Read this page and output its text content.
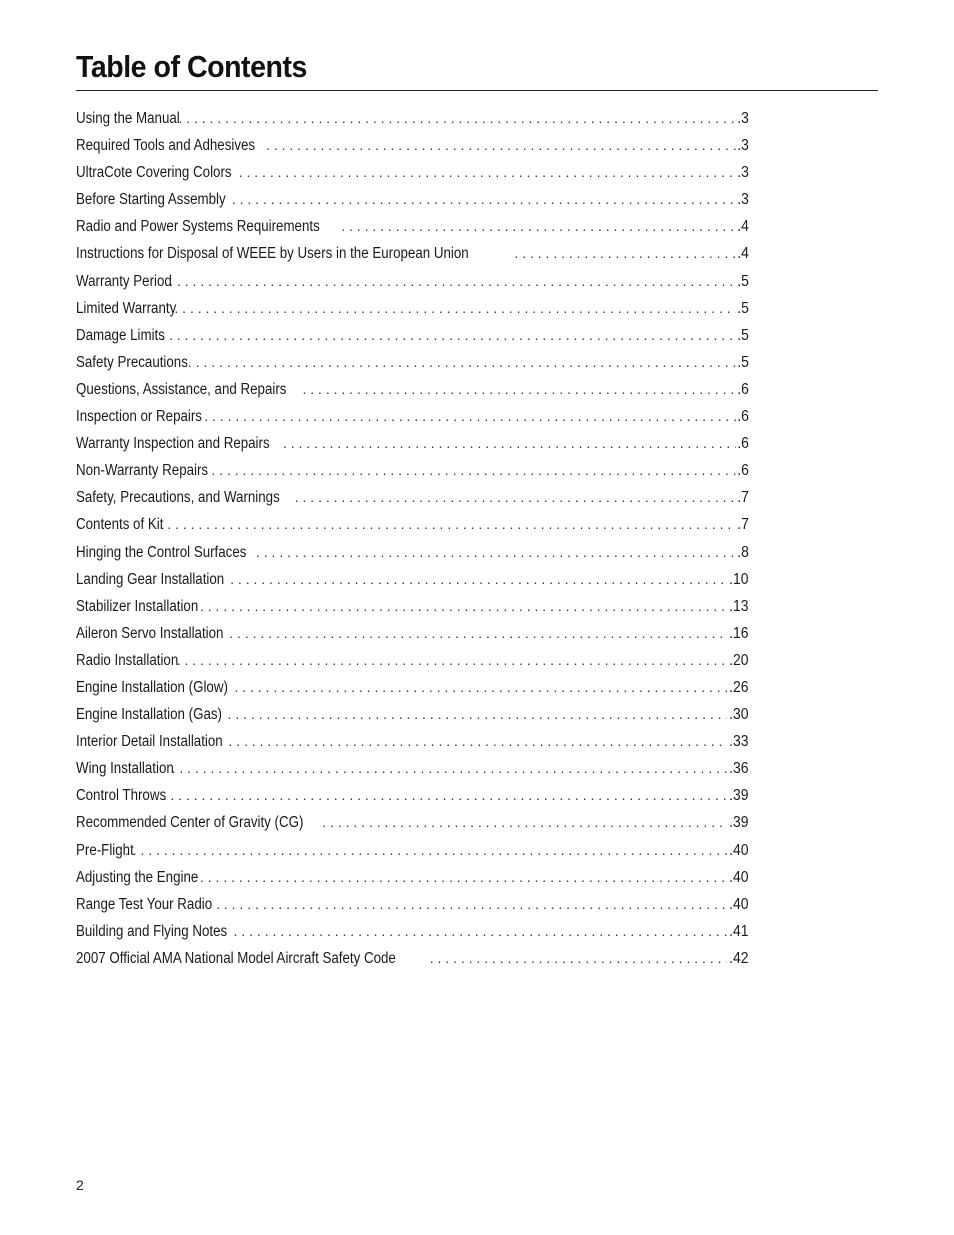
Table of Contents
Using the Manual . . .	.3
Required Tools and Adhesives . . .	.3
UltraCote Covering Colors . . .	.3
Before Starting Assembly . . .	.3
Radio and Power Systems Requirements . . .	.4
Instructions for Disposal of WEEE by Users in the European Union . . .	.4
Warranty Period . . .	.5
Limited Warranty . . .	.5
Damage Limits . . .	.5
Safety Precautions . . .	.5
Questions, Assistance, and Repairs . . .	.6
Inspection or Repairs . . .	.6
Warranty Inspection and Repairs . . .	.6
Non-Warranty Repairs . . .	.6
Safety, Precautions, and Warnings . . .	.7
Contents of Kit . . .	.7
Hinging the Control Surfaces . . .	.8
Landing Gear Installation . . .	.10
Stabilizer Installation . . .	.13
Aileron Servo Installation . . .	.16
Radio Installation . . .	.20
Engine Installation (Glow) . . .	.26
Engine Installation (Gas) . . .	.30
Interior Detail Installation . . .	.33
Wing Installation . . .	.36
Control Throws . . .	.39
Recommended Center of Gravity (CG) . . .	.39
Pre-Flight . . .	.40
Adjusting the Engine . . .	.40
Range Test Your Radio . . .	.40
Building and Flying Notes . . .	.41
2007 Official AMA National Model Aircraft Safety Code . . .	.42
2
